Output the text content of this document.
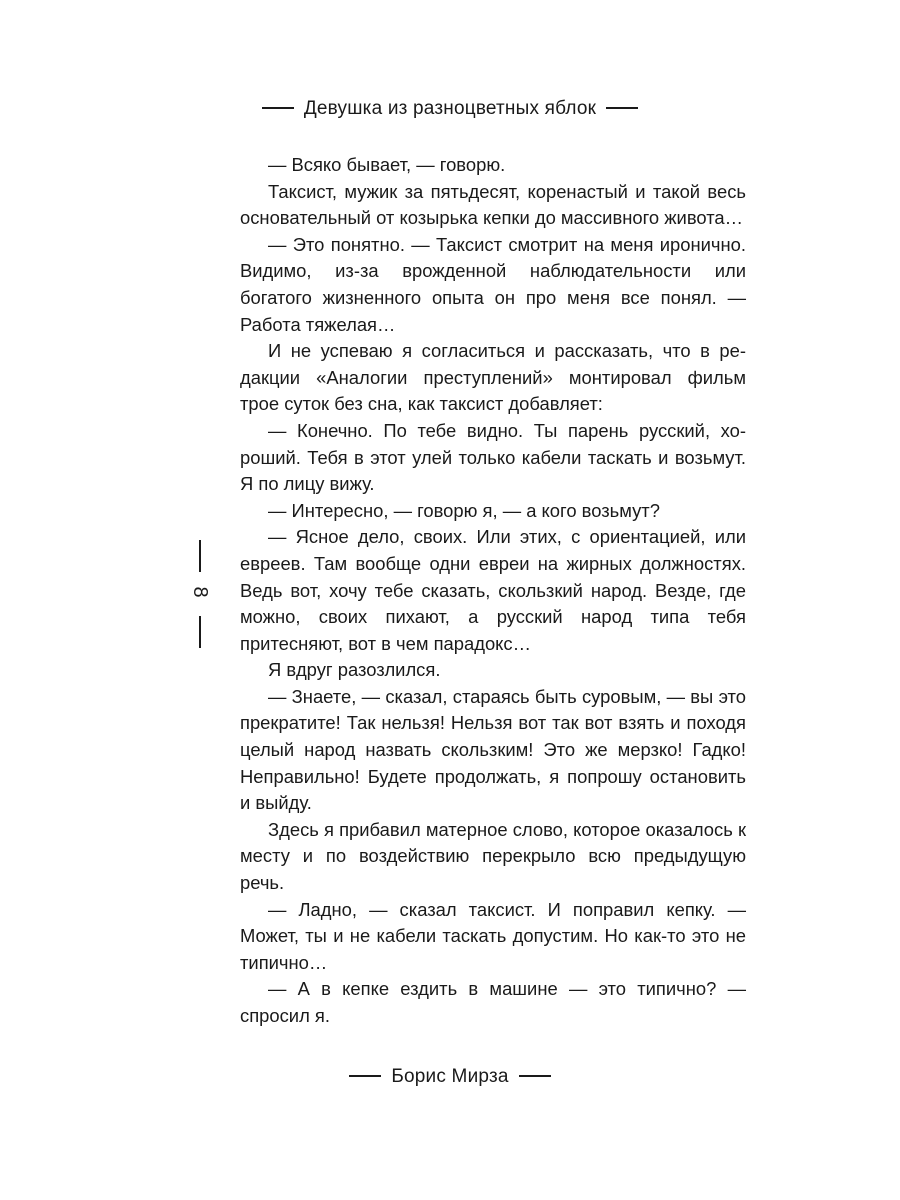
Девушка из разноцветных яблок
8

— Всяко бывает, — говорю.

Таксист, мужик за пятьдесят, коренастый и такой весь основательный от козырька кепки до массивного живота…

— Это понятно. — Таксист смотрит на меня иронично. Видимо, из-за врожденной наблюдательности или богатого жизненного опыта он про меня все понял. — Работа тяжелая…

И не успеваю я согласиться и рассказать, что в редакции «Аналогии преступлений» монтировал фильм трое суток без сна, как таксист добавляет:

— Конечно. По тебе видно. Ты парень русский, хороший. Тебя в этот улей только кабели таскать и возьмут. Я по лицу вижу.

— Интересно, — говорю я, — а кого возьмут?

— Ясное дело, своих. Или этих, с ориентацией, или евреев. Там вообще одни евреи на жирных должностях. Ведь вот, хочу тебе сказать, скользкий народ. Везде, где можно, своих пихают, а русский народ типа тебя притесняют, вот в чем парадокс…

Я вдруг разозлился.

— Знаете, — сказал, стараясь быть суровым, — вы это прекратите! Так нельзя! Нельзя вот так вот взять и походя целый народ назвать скользким! Это же мерзко! Гадко! Неправильно! Будете продолжать, я попрошу остановить и выйду.

Здесь я прибавил матерное слово, которое оказалось к месту и по воздействию перекрыло всю предыдущую речь.

— Ладно, — сказал таксист. И поправил кепку. — Может, ты и не кабели таскать допустим. Но как-то это не типично…

— А в кепке ездить в машине — это типично? — спросил я.

Борис Мирза
